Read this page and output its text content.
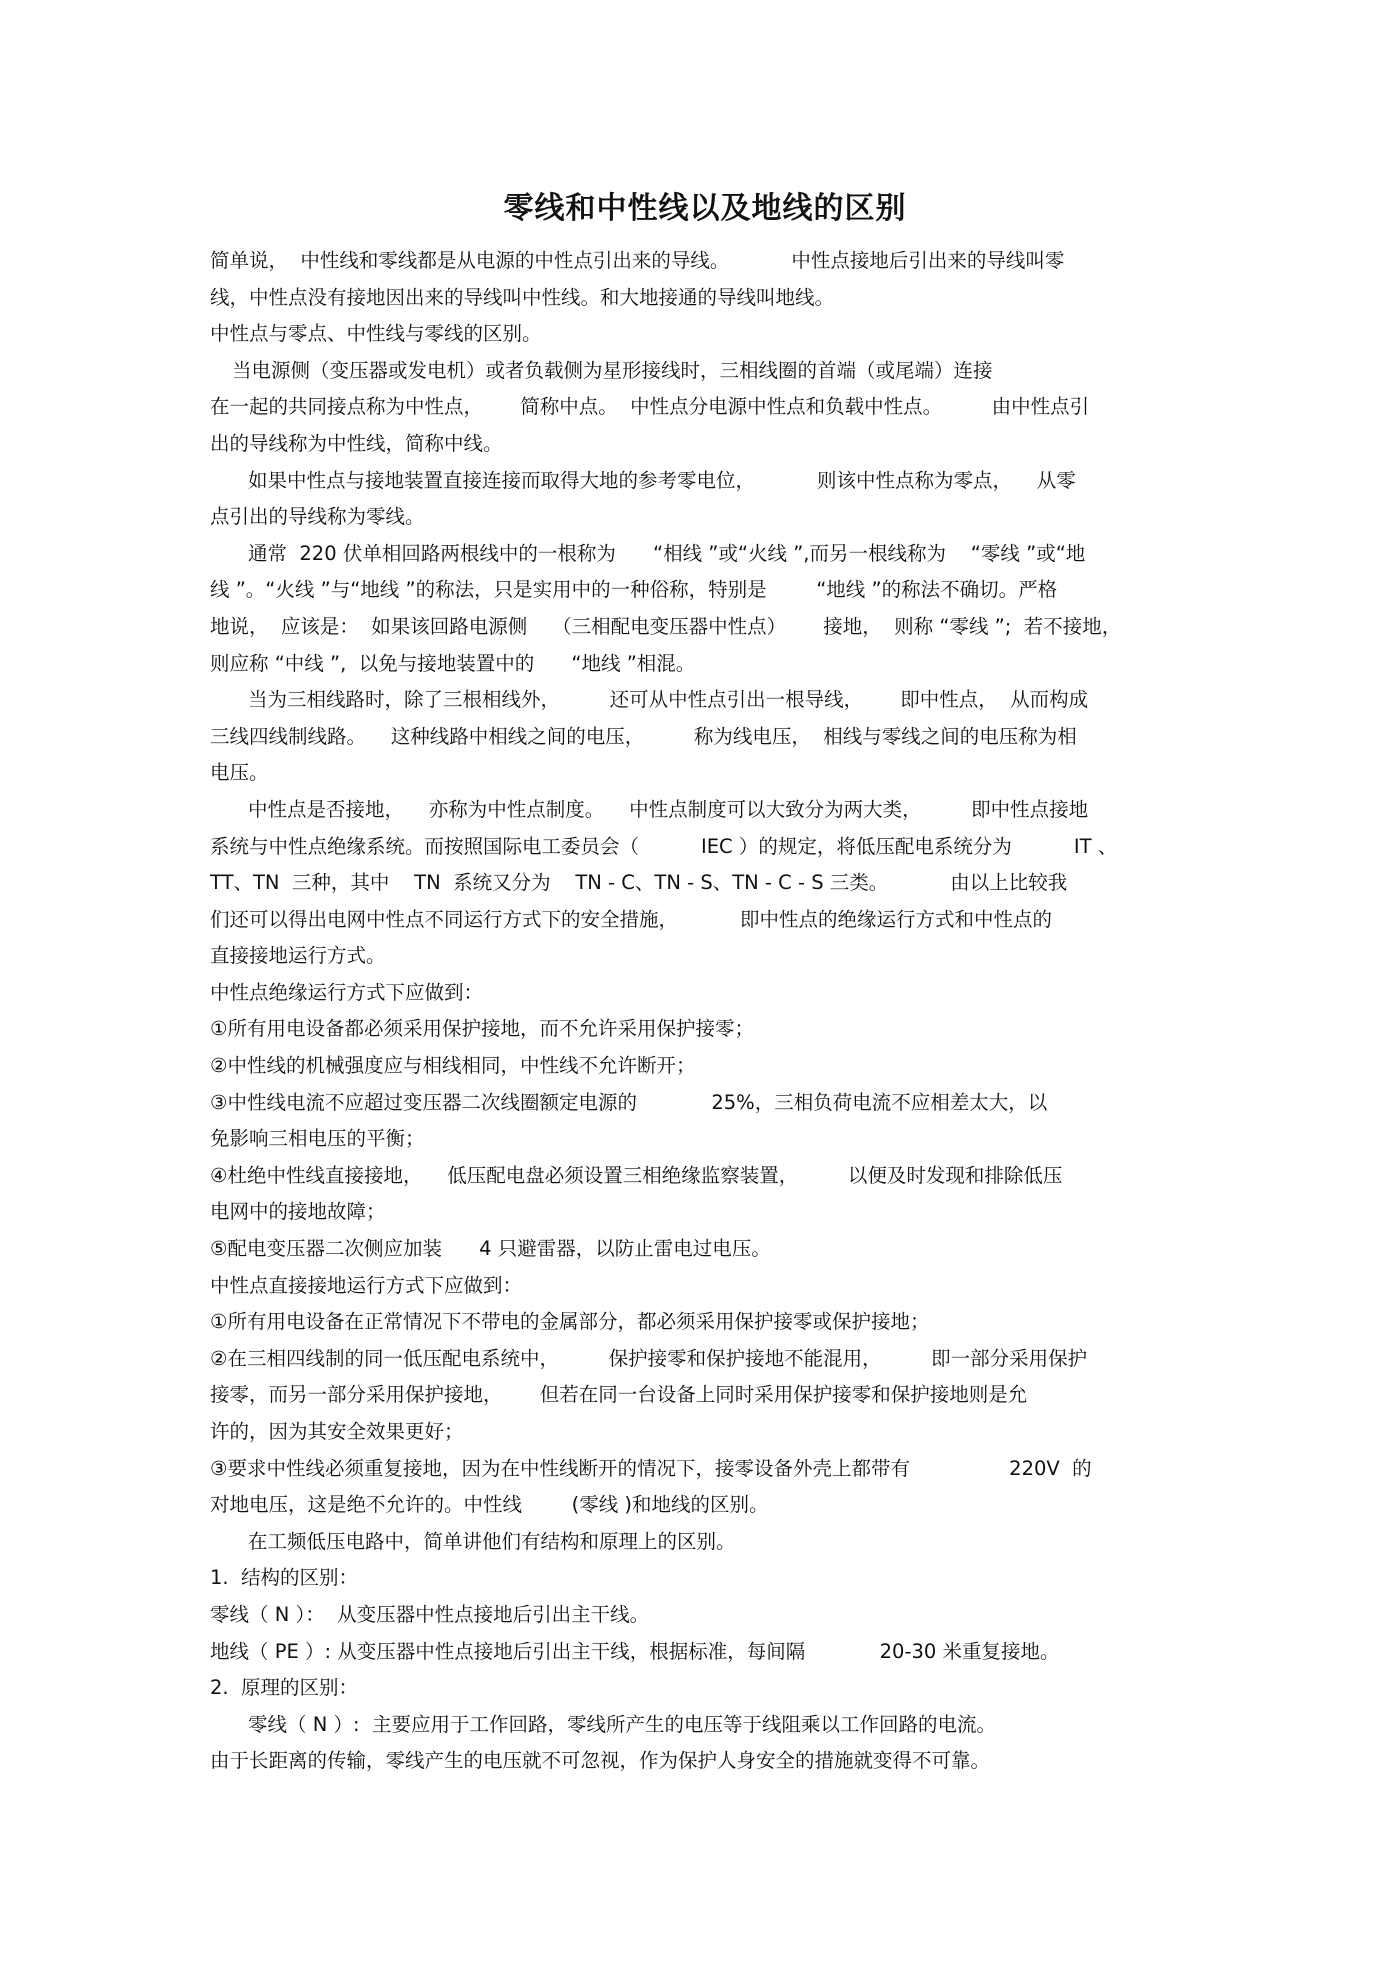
零线和中性线以及地线的区别
简单说，  中性线和零线都是从电源的中性点引出来的导线。          中性点接地后引出来的导线叫零
线，中性点没有接地因出来的导线叫中性线。和大地接通的导线叫地线。
中性点与零点、中性线与零线的区别。
当电源侧（变压器或发电机）或者负载侧为星形接线时，三相线圈的首端（或尾端）连接
在一起的共同接点称为中性点，      简称中点。  中性点分电源中性点和负载中性点。        由中性点引
出的导线称为中性线，简称中线。
如果中性点与接地装置直接连接而取得大地的参考零电位，          则该中性点称为零点，    从零
点引出的导线称为零线。
通常  220 伏单相回路两根线中的一根称为      “相线 ”或“火线 ”,而另一根线称为    “零线 ”或“地
线 ”。“火线 ”与“地线 ”的称法，只是实用中的一种俗称，特别是        “地线 ”的称法不确切。严格
地说，  应该是：  如果该回路电源侧    （三相配电变压器中性点）      接地，  则称 “零线 ”;  若不接地，
则应称 “中线 ”,  以免与接地装置中的      “地线 ”相混。
当为三相线路时，除了三根相线外，        还可从中性点引出一根导线，      即中性点，  从而构成
三线四线制线路。    这种线路中相线之间的电压，        称为线电压，  相线与零线之间的电压称为相
电压。
中性点是否接地，    亦称为中性点制度。    中性点制度可以大致分为两大类，        即中性点接地
系统与中性点绝缘系统。而按照国际电工委员会（          IEC ）的规定，将低压配电系统分为          IT 、
TT、TN  三种，其中    TN  系统又分为    TN - C、TN - S、TN - C - S 三类。          由以上比较我
们还可以得出电网中性点不同运行方式下的安全措施，          即中性点的绝缘运行方式和中性点的
直接接地运行方式。
中性点绝缘运行方式下应做到：
①所有用电设备都必须采用保护接地，而不允许采用保护接零；
②中性线的机械强度应与相线相同，中性线不允许断开；
③中性线电流不应超过变压器二次线圈额定电源的            25%，三相负荷电流不应相差太大，以
免影响三相电压的平衡；
④杜绝中性线直接接地，    低压配电盘必须设置三相绝缘监察装置，        以便及时发现和排除低压
电网中的接地故障；
⑤配电变压器二次侧应加装      4 只避雷器，以防止雷电过电压。
中性点直接接地运行方式下应做到：
①所有用电设备在正常情况下不带电的金属部分，都必须采用保护接零或保护接地；
②在三相四线制的同一低压配电系统中，        保护接零和保护接地不能混用，        即一部分采用保护
接零，而另一部分采用保护接地，      但若在同一台设备上同时采用保护接零和保护接地则是允
许的，因为其安全效果更好；
③要求中性线必须重复接地，因为在中性线断开的情况下，接零设备外壳上都带有                220V  的
对地电压，这是绝不允许的。中性线        (零线 )和地线的区别。
在工频低压电路中，简单讲他们有结构和原理上的区别。
1.  结构的区别：
零线（ N ）：  从变压器中性点接地后引出主干线。
地线（ PE ）: 从变压器中性点接地后引出主干线，根据标准，每间隔            20-30 米重复接地。
2.  原理的区别：
零线（ N ）:  主要应用于工作回路，零线所产生的电压等于线阻乘以工作回路的电流。
由于长距离的传输，零线产生的电压就不可忽视，作为保护人身安全的措施就变得不可靠。
